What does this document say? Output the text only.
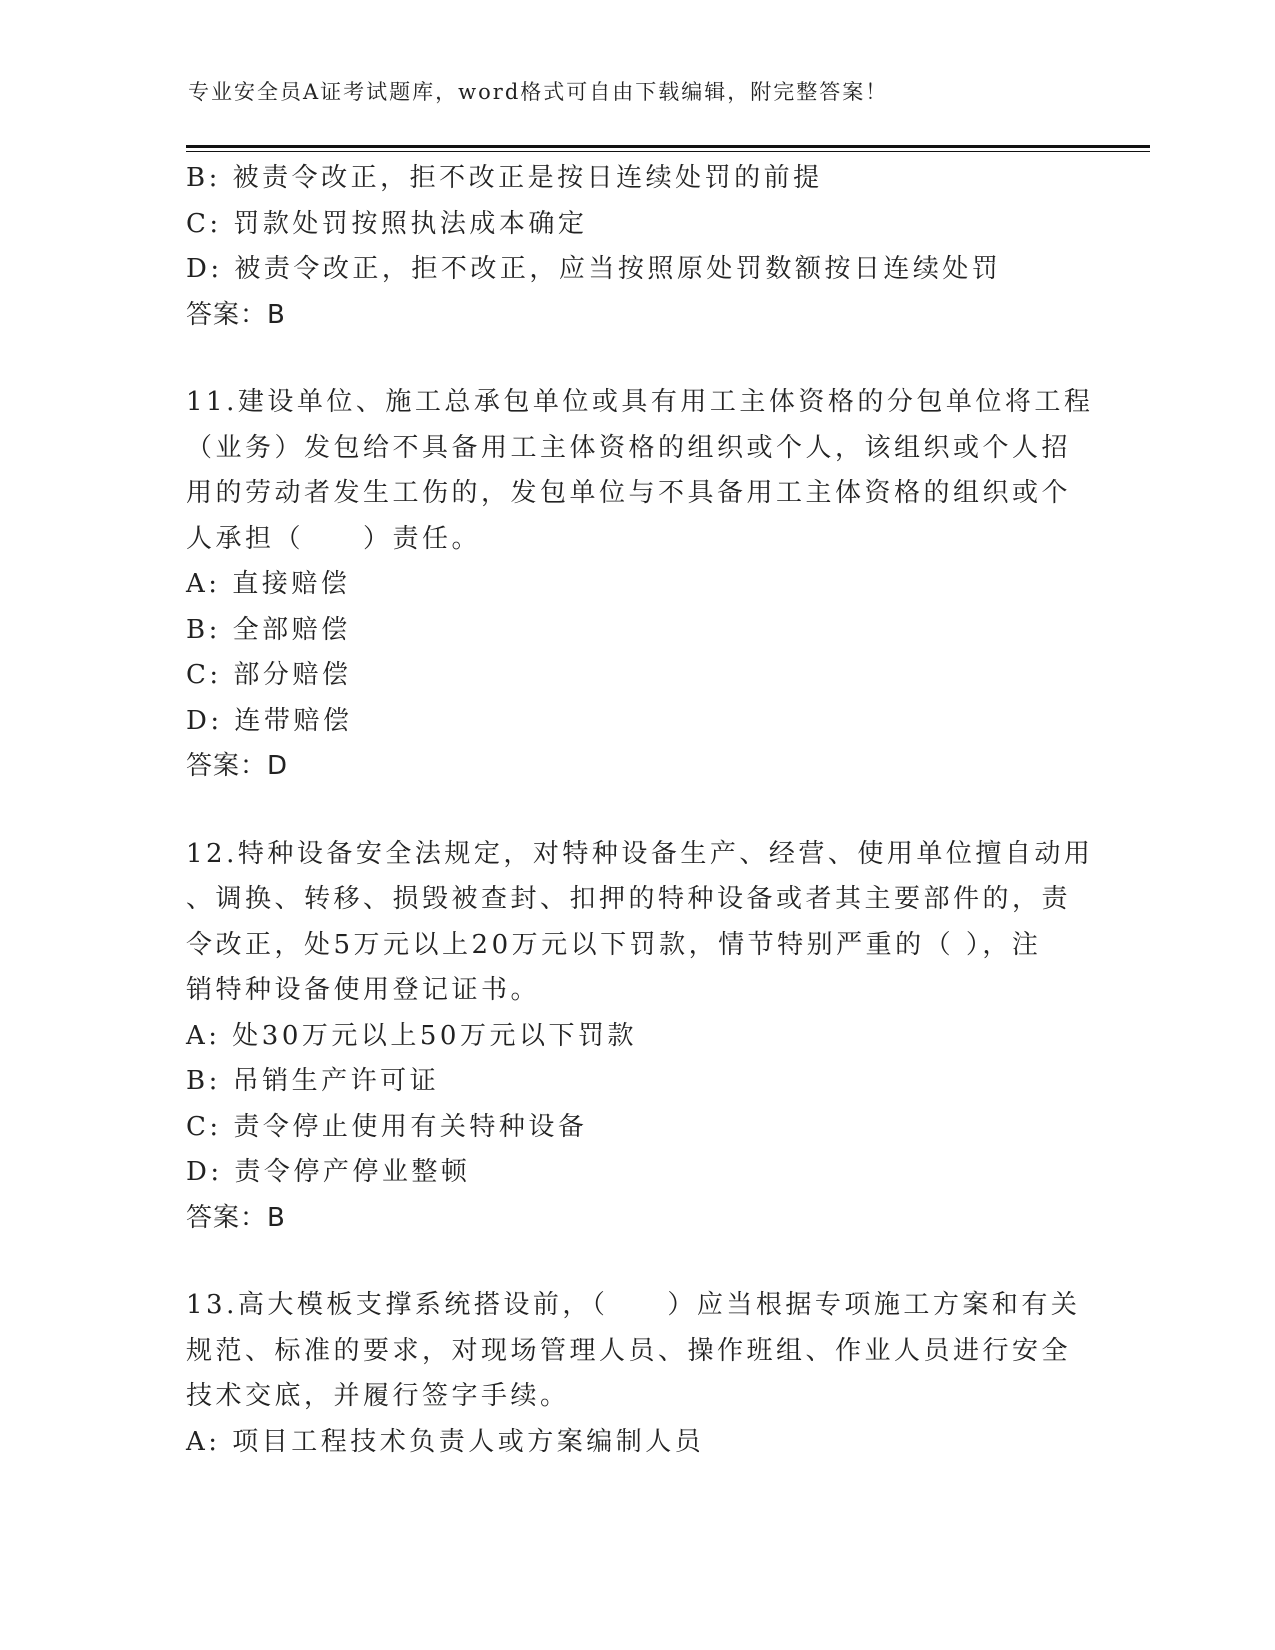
专业安全员A证考试题库，word格式可自由下载编辑，附完整答案！
B: 被责令改正，拒不改正是按日连续处罚的前提
C: 罚款处罚按照执法成本确定
D: 被责令改正，拒不改正，应当按照原处罚数额按日连续处罚
答案：B
11.建设单位、施工总承包单位或具有用工主体资格的分包单位将工程
（业务）发包给不具备用工主体资格的组织或个人，该组织或个人招
用的劳动者发生工伤的，发包单位与不具备用工主体资格的组织或个
人承担（　　）责任。
A: 直接赔偿
B: 全部赔偿
C: 部分赔偿
D: 连带赔偿
答案：D
12.特种设备安全法规定，对特种设备生产、经营、使用单位擅自动用
、调换、转移、损毁被查封、扣押的特种设备或者其主要部件的，责
令改正，处5万元以上20万元以下罚款，情节特别严重的（ ），注
销特种设备使用登记证书。
A: 处30万元以上50万元以下罚款
B: 吊销生产许可证
C: 责令停止使用有关特种设备
D: 责令停产停业整顿
答案：B
13.高大模板支撑系统搭设前，（　　）应当根据专项施工方案和有关
规范、标准的要求，对现场管理人员、操作班组、作业人员进行安全
技术交底，并履行签字手续。
A: 项目工程技术负责人或方案编制人员
